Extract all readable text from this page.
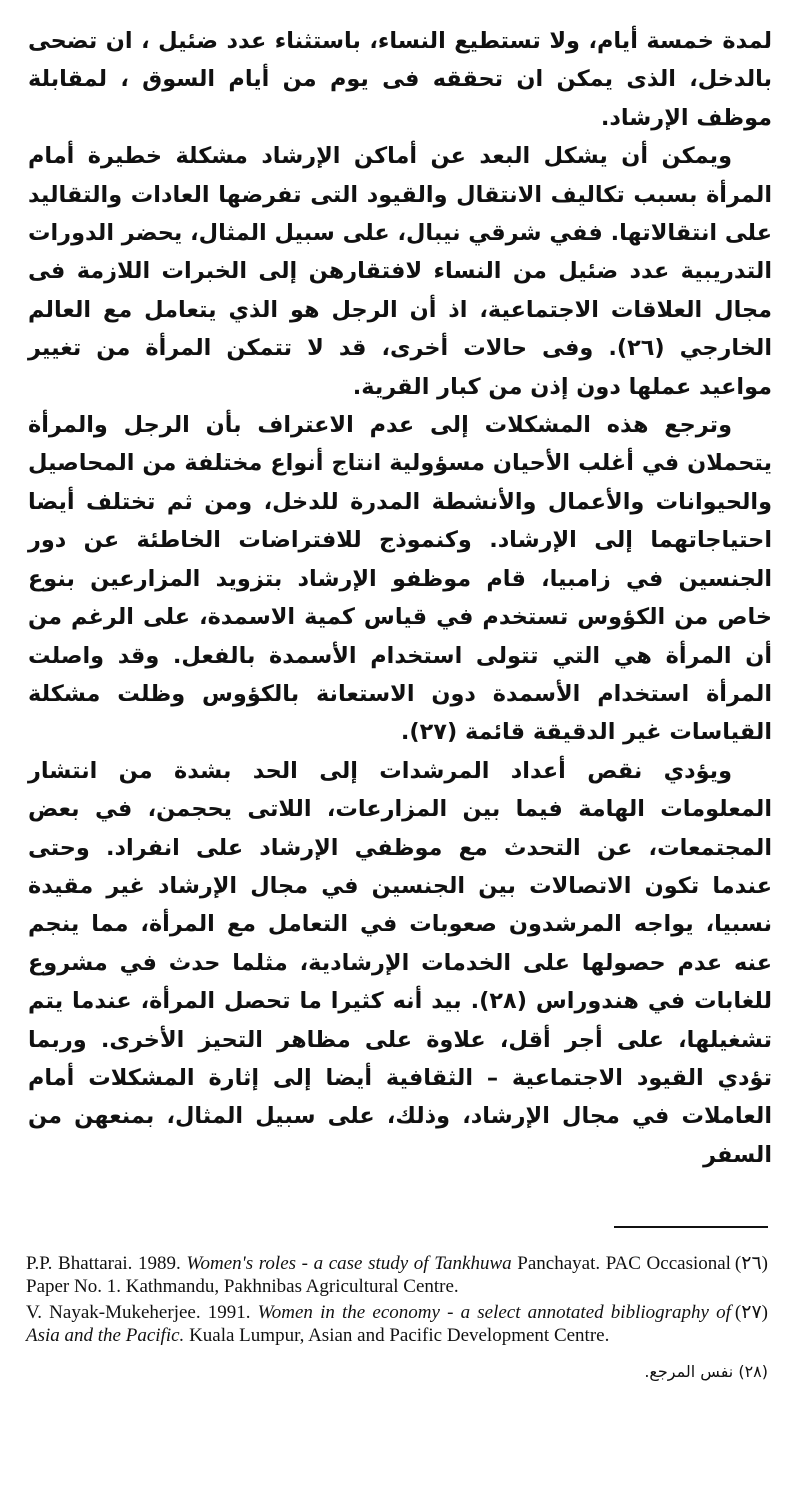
لمدة خمسة أيام، ولا تستطيع النساء، باستثناء عدد ضئيل ، ان تضحى بالدخل، الذى يمكن ان تحققه فى يوم من أيام السوق ، لمقابلة موظف الإرشاد.

ويمكن أن يشكل البعد عن أماكن الإرشاد مشكلة خطيرة أمام المرأة بسبب تكاليف الانتقال والقيود التى تفرضها العادات والتقاليد على انتقالاتها. ففي شرقي نيبال، على سبيل المثال، يحضر الدورات التدريبية عدد ضئيل من النساء لافتقارهن إلى الخبرات اللازمة فى مجال العلاقات الاجتماعية، اذ أن الرجل هو الذي يتعامل مع العالم الخارجي (٢٦). وفى حالات أخرى، قد لا تتمكن المرأة من تغيير مواعيد عملها دون إذن من كبار القرية.

وترجع هذه المشكلات إلى عدم الاعتراف بأن الرجل والمرأة يتحملان في أغلب الأحيان مسؤولية انتاج أنواع مختلفة من المحاصيل والحيوانات والأعمال والأنشطة المدرة للدخل، ومن ثم تختلف أيضا احتياجاتهما إلى الإرشاد. وكنموذج للافتراضات الخاطئة عن دور الجنسين في زامبيا، قام موظفو الإرشاد بتزويد المزارعين بنوع خاص من الكؤوس تستخدم في قياس كمية الاسمدة، على الرغم من أن المرأة هي التي تتولى استخدام الأسمدة بالفعل. وقد واصلت المرأة استخدام الأسمدة دون الاستعانة بالكؤوس وظلت مشكلة القياسات غير الدقيقة قائمة (٢٧).

ويؤدي نقص أعداد المرشدات إلى الحد بشدة من انتشار المعلومات الهامة فيما بين المزارعات، اللاتى يحجمن، في بعض المجتمعات، عن التحدث مع موظفي الإرشاد على انفراد. وحتى عندما تكون الاتصالات بين الجنسين في مجال الإرشاد غير مقيدة نسبيا، يواجه المرشدون صعوبات في التعامل مع المرأة، مما ينجم عنه عدم حصولها على الخدمات الإرشادية، مثلما حدث في مشروع للغابات في هندوراس (٢٨). بيد أنه كثيرا ما تحصل المرأة، عندما يتم تشغيلها، على أجر أقل، علاوة على مظاهر التحيز الأخرى. وربما تؤدي القيود الاجتماعية – الثقافية أيضا إلى إثارة المشكلات أمام العاملات في مجال الإرشاد، وذلك، على سبيل المثال، بمنعهن من السفر

(٢٦)
P.P. Bhattarai. 1989. Women's roles - a case study of Tankhuwa Panchayat. PAC Occasional Paper No. 1. Kathmandu, Pakhnibas Agricultural Centre.

(٢٧)
V. Nayak-Mukeherjee. 1991. Women in the economy - a select annotated bibliography of Asia and the Pacific. Kuala Lumpur, Asian and Pacific Development Centre.

(٢٨) نفس المرجع.
